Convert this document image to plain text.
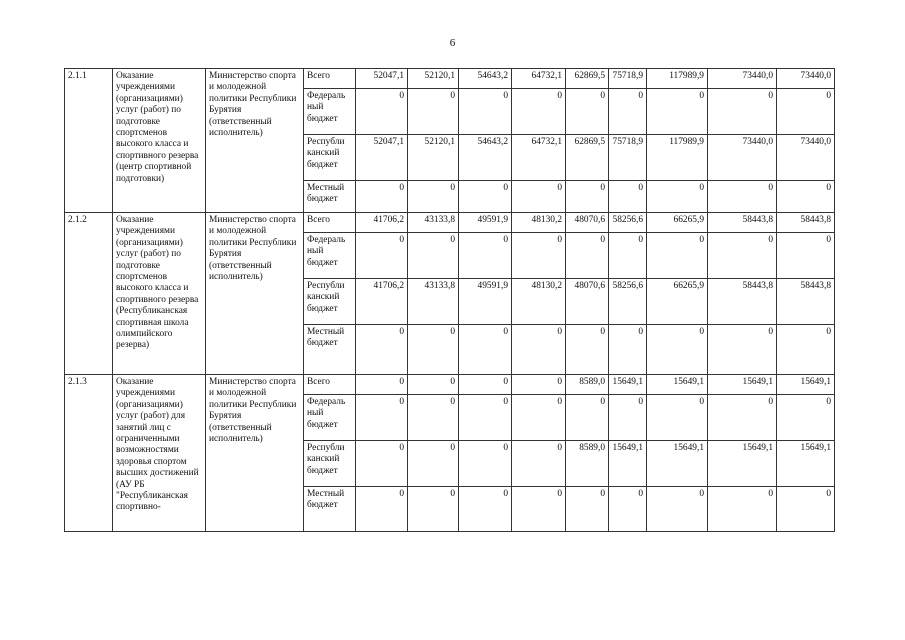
6
2.1.1	Оказание учреждениями (организациями) услуг (работ) по подготовке спортсменов высокого класса и спортивного резерва (центр спортивной подготовки)	Министерство спорта и молодежной политики Республики Бурятия (ответственный исполнитель)	Всего	52047,1	52120,1	54643,2	64732,1	62869,5	75718,9	117989,9	73440,0	73440,0
			Федераль ный бюджет	0	0	0	0	0	0	0	0	0
			Республи канский бюджет	52047,1	52120,1	54643,2	64732,1	62869,5	75718,9	117989,9	73440,0	73440,0
			Местный бюджет	0	0	0	0	0	0	0	0	0
2.1.2	Оказание учреждениями (организациями) услуг (работ) по подготовке спортсменов высокого класса и спортивного резерва (Республиканская спортивная школа олимпийского резерва)	Министерство спорта и молодежной политики Республики Бурятия (ответственный исполнитель)	Всего	41706,2	43133,8	49591,9	48130,2	48070,6	58256,6	66265,9	58443,8	58443,8
			Федераль ный бюджет	0	0	0	0	0	0	0	0	0
			Республи канский бюджет	41706,2	43133,8	49591,9	48130,2	48070,6	58256,6	66265,9	58443,8	58443,8
			Местный бюджет	0	0	0	0	0	0	0	0	0
2.1.3	Оказание учреждениями (организациями) услуг (работ) для занятий лиц с ограниченными возможностями здоровья спортом высших достижений (АУ РБ "Республиканская спортивно-	Министерство спорта и молодежной политики Республики Бурятия (ответственный исполнитель)	Всего	0	0	0	0	8589,0	15649,1	15649,1	15649,1	15649,1
			Федераль ный бюджет	0	0	0	0	0	0	0	0	0
			Республи канский бюджет	0	0	0	0	8589,0	15649,1	15649,1	15649,1	15649,1
			Местный бюджет	0	0	0	0	0	0	0	0	0
